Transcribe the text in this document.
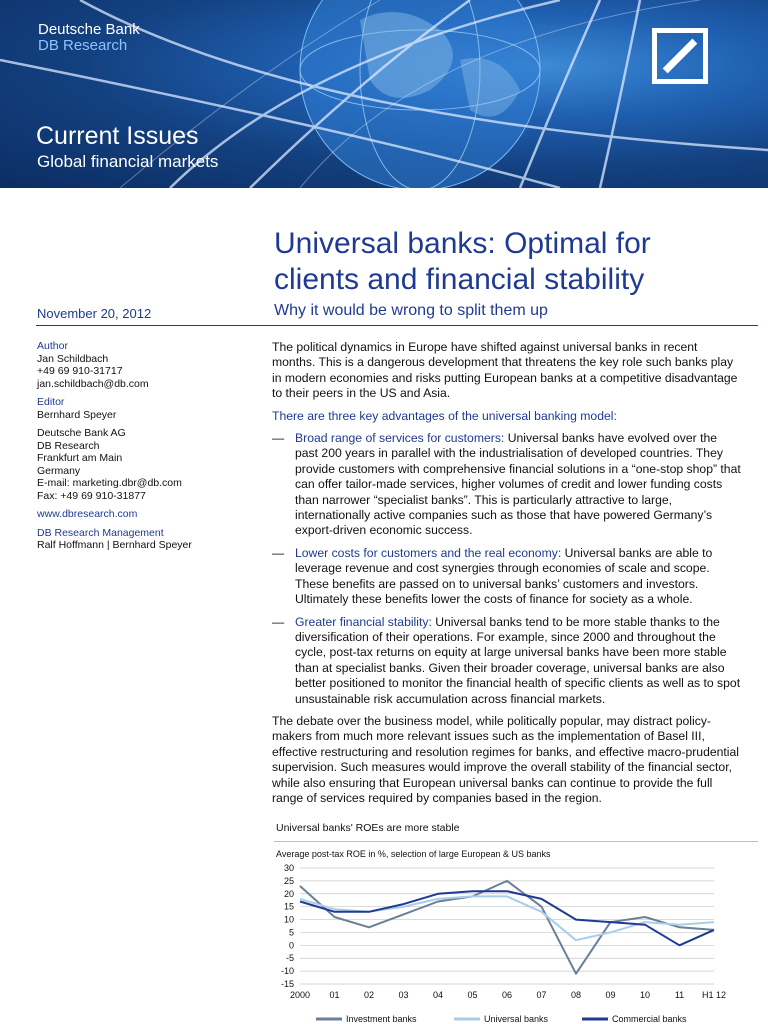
Deutsche Bank
DB Research
Current Issues
Global financial markets
Universal banks: Optimal for clients and financial stability
Why it would be wrong to split them up
November 20, 2012
Author
Jan Schildbach
+49 69 910-31717
jan.schildbach@db.com
Editor
Bernhard Speyer
Deutsche Bank AG
DB Research
Frankfurt am Main
Germany
E-mail: marketing.dbr@db.com
Fax: +49 69 910-31877
www.dbresearch.com
DB Research Management
Ralf Hoffmann | Bernhard Speyer

The political dynamics in Europe have shifted against universal banks in recent months. This is a dangerous development that threatens the key role such banks play in modern economies and risks putting European banks at a competitive disadvantage to their peers in the US and Asia.

There are three key advantages of the universal banking model:

— Broad range of services for customers: Universal banks have evolved over the past 200 years in parallel with the industrialisation of developed countries. They provide customers with comprehensive financial solutions in a “one-stop shop” that can offer tailor-made services, higher volumes of credit and lower funding costs than narrower “specialist banks”. This is particularly attractive to large, internationally active companies such as those that have powered Germany’s export-driven economic success.
— Lower costs for customers and the real economy: Universal banks are able to leverage revenue and cost synergies through economies of scale and scope. These benefits are passed on to universal banks’ customers and investors. Ultimately these benefits lower the costs of finance for society as a whole.
— Greater financial stability: Universal banks tend to be more stable thanks to the diversification of their operations. For example, since 2000 and throughout the cycle, post-tax returns on equity at large universal banks have been more stable than at specialist banks. Given their broader coverage, universal banks are also better positioned to monitor the financial health of specific clients as well as to spot unsustainable risk accumulation across financial markets.

The debate over the business model, while politically popular, may distract policy-makers from much more relevant issues such as the implementation of Basel III, effective restructuring and resolution regimes for banks, and effective macro-prudential supervision. Such measures would improve the overall stability of the financial sector, while also ensuring that European universal banks can continue to provide the full range of services required by companies based in the region.

Universal banks' ROEs are more stable
Average post-tax ROE in %, selection of large European & US banks
30
25
20
15
10
5
0
-5
-10
-15
2000 01	02	03	04	05	06	07	08	09	10	11 H1 12
Investment banks	Universal banks	Commercial banks
